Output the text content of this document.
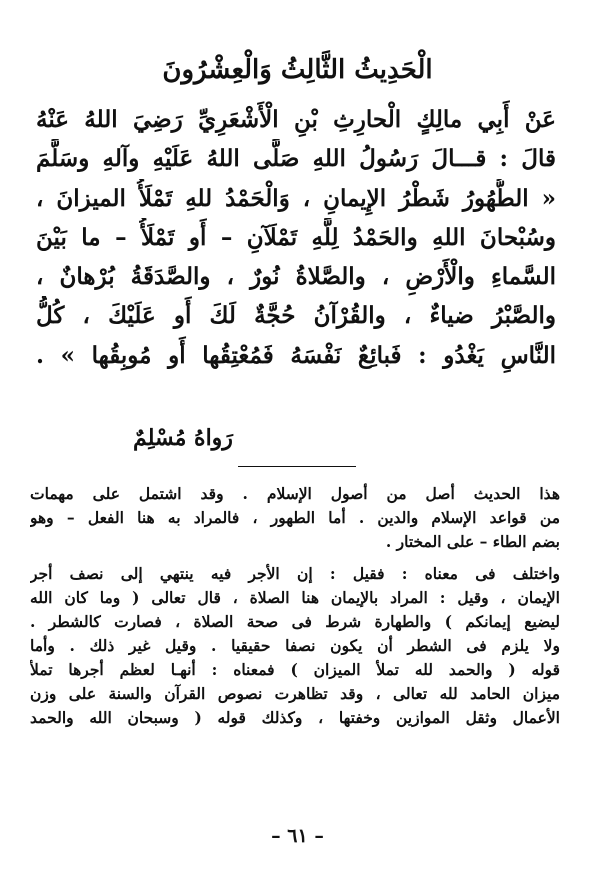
الْحَدِيثُ الثَّالِثُ وَالْعِشْرُونَ
عَنْ أَبِي مالِكٍ الْحارِثِ بْنِ الْأَشْعَرِيِّ رَضِيَ اللهُ عَنْهُ
قالَ : قـــالَ رَسُولُ اللهِ صَلَّى اللهُ عَلَيْهِ وآلهِ وسَلَّمَ
« الطُّهُورُ شَطْرُ الإِيمانِ ، وَالْحَمْدُ للهِ تَمْلَأُ الميزانَ ،
وسُبْحانَ اللهِ والحَمْدُ لِلَّهِ تَمْلَآنِ – أَو تَمْلَأُ – ما بَيْنَ
السَّماءِ والْأَرْضِ ، والصَّلاةُ نُورٌ ، والصَّدَقَةُ بُرْهانٌ ،
والصَّبْرُ ضياءٌ ، والقُرْآنُ حُجَّةٌ لَكَ أَو عَلَيْكَ ، كُلُّ
النَّاسِ يَغْدُو : فَبائِعٌ نَفْسَهُ فَمُعْتِقُها أَو مُوبِقُها » .
رَواهُ مُسْلِمٌ
هذا الحديث أصل من أصول الإسلام . وقد اشتمل على مهمات
من قواعد الإسلام والدين . أما الطهور ، فالمراد به هنا الفعل – وهو
بضم الطاء – على المختار .
واختلف فى معناه : فقيل : إن الأجر فيه ينتهي إلى نصف أجر
الإيمان ، وقيل : المراد بالإيمان هنا الصلاة ، قال تعالى ( وما كان الله
ليضيع إيمانكم ) والطهارة شرط فى صحة الصلاة ، فصارت كالشطر .
ولا يلزم فى الشطر أن يكون نصفا حقيقيا . وقيل غير ذلك . وأما
قوله ( والحمد لله تملأ الميزان ) فمعناه : أنهـا لعظم أجرها تملأ
ميزان الحامد لله تعالى ، وقد تظاهرت نصوص القرآن والسنة على وزن
الأعمال وثقل الموازين وخفتها ، وكذلك قوله ( وسبحان الله والحمد
– ٦١ –
